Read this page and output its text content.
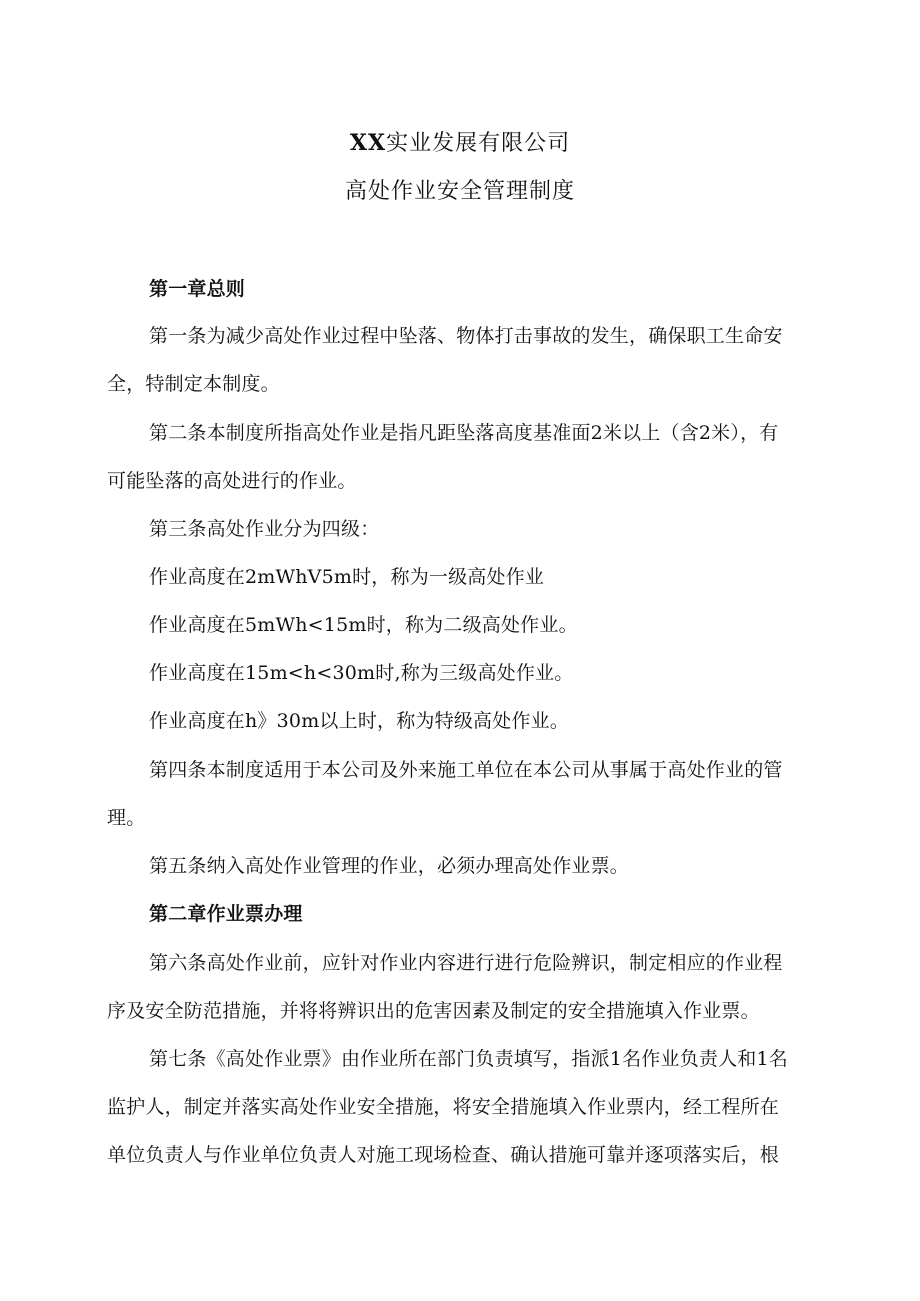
XX实业发展有限公司
高处作业安全管理制度
第一章总则
第一条为减少高处作业过程中坠落、物体打击事故的发生，确保职工生命安
全，特制定本制度。
第二条本制度所指高处作业是指凡距坠落高度基准面2米以上（含2米），有
可能坠落的高处进行的作业。
第三条高处作业分为四级：
作业高度在2mWhV5m时，称为一级高处作业
作业高度在5mWh<15m时，称为二级高处作业。
作业高度在15m<h<30m时,称为三级高处作业。
作业高度在h》30m以上时，称为特级高处作业。
第四条本制度适用于本公司及外来施工单位在本公司从事属于高处作业的管
理。
第五条纳入高处作业管理的作业，必须办理高处作业票。
第二章作业票办理
第六条高处作业前，应针对作业内容进行进行危险辨识，制定相应的作业程
序及安全防范措施，并将将辨识出的危害因素及制定的安全措施填入作业票。
第七条《高处作业票》由作业所在部门负责填写，指派1名作业负责人和1名
监护人，制定并落实高处作业安全措施，将安全措施填入作业票内，经工程所在
单位负责人与作业单位负责人对施工现场检查、确认措施可靠并逐项落实后，根
